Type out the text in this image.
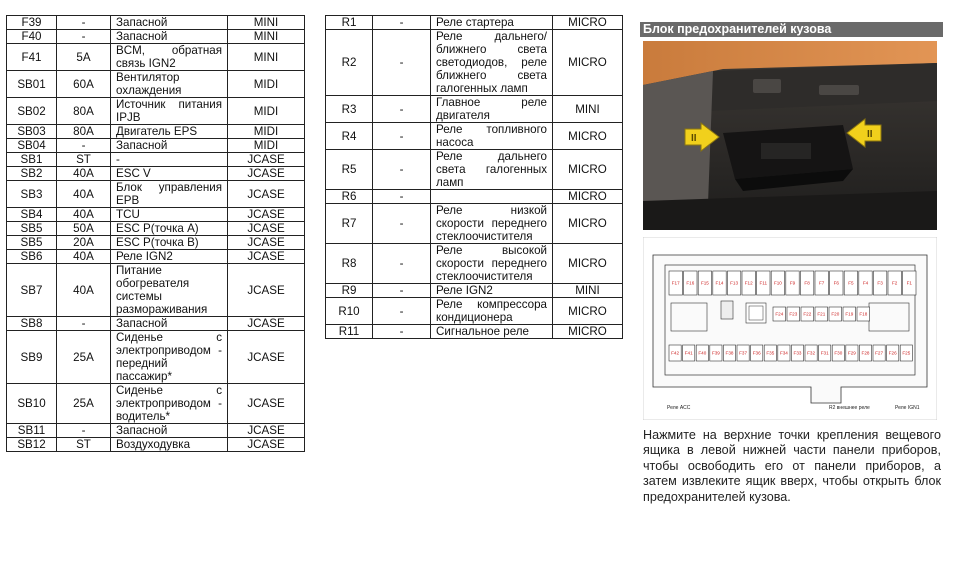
F39	-	Запасной	MINI
F40	-	Запасной	MINI
F41	5A	BCM, обратная связь IGN2	MINI
SB01	60A	Вентилятор охлаждения	MIDI
SB02	80A	Источник питания IPJB	MIDI
SB03	80A	Двигатель EPS	MIDI
SB04	-	Запасной	MIDI
SB1	ST	-	JCASE
SB2	40A	ESC V	JCASE
SB3	40A	Блок управления EPB	JCASE
SB4	40A	TCU	JCASE
SB5	50A	ESC P(точка A)	JCASE
SB5	20A	ESC P(точка B)	JCASE
SB6	40A	Реле IGN2	JCASE
SB7	40A	Питание обогревателя системы размораживания	JCASE
SB8	-	Запасной	JCASE
SB9	25A	Сиденье с электроприводом - передний пассажир*	JCASE
SB10	25A	Сиденье с электроприводом - водитель*	JCASE
SB11	-	Запасной	JCASE
SB12	ST	Воздуходувка	JCASE
R1	-	Реле стартера	MICRO
R2	-	Реле дальнего/ближнего света светодиодов, реле ближнего света галогенных ламп	MICRO
R3	-	Главное реле двигателя	MINI
R4	-	Реле топливного насоса	MICRO
R5	-	Реле дальнего света галогенных ламп	MICRO
R6	-		MICRO
R7	-	Реле низкой скорости переднего стеклоочистителя	MICRO
R8	-	Реле высокой скорости переднего стеклоочистителя	MICRO
R9	-	Реле IGN2	MINI
R10	-	Реле компрессора кондиционера	MICRO
R11	-	Сигнальное реле	MICRO
Блок предохранителей кузова
II	II
F17 F16 F15 F14 F13 F12 F11 F10 F9 F8 F7 F6 F5 F4 F3 F2 F1
F24 F23 F22 F21 F20 F19 F18
F42 F41 F40 F39 F38 F37 F36 F35 F34 F33 F32 F31 F30 F29 F28 F27 F26 F25
Реле ACC	R2 внешнее реле	Реле IGN1

Нажмите на верхние точки крепления вещевого ящика в левой нижней части панели приборов, чтобы освободить его от панели приборов, а затем извлеките ящик вверх, чтобы открыть блок предохранителей кузова.
